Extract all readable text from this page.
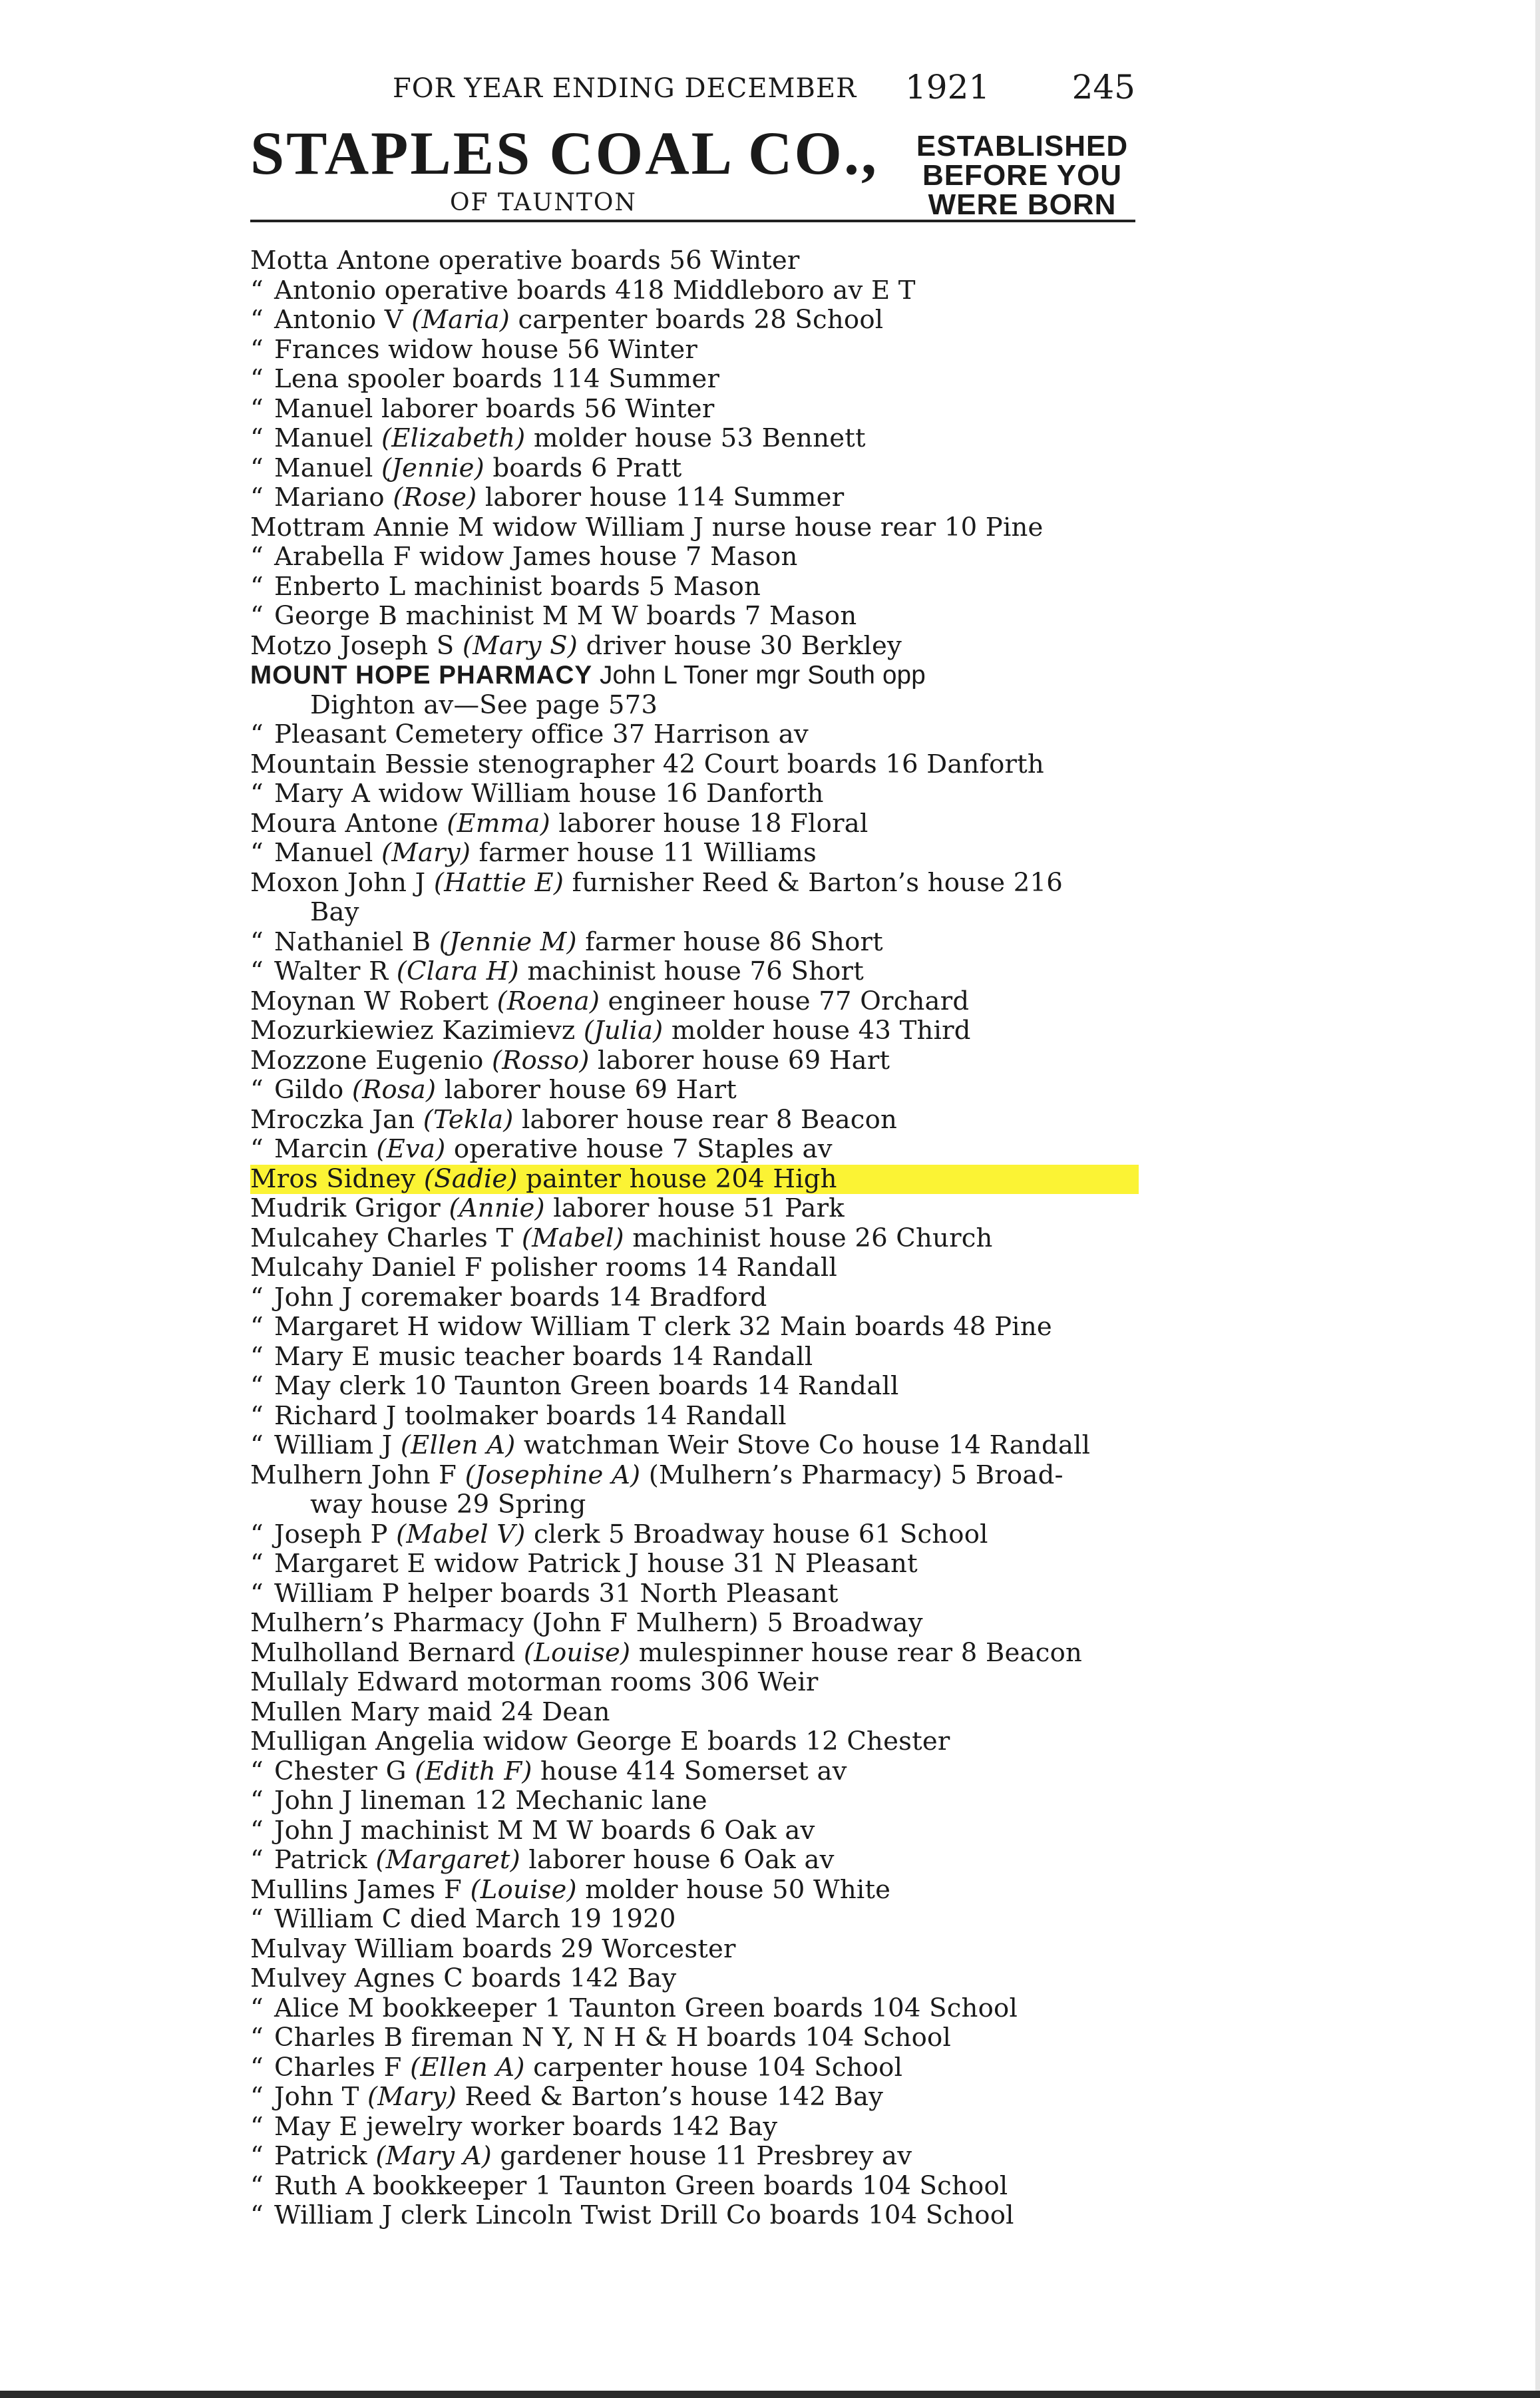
FOR YEAR ENDING DECEMBER 1921 245
STAPLES COAL CO.,
OF TAUNTON
ESTABLISHED
BEFORE YOU
WERE BORN
Motta Antone operative boards 56 Winter
“ Antonio operative boards 418 Middleboro av E T
“ Antonio V (Maria) carpenter boards 28 School
“ Frances widow house 56 Winter
“ Lena spooler boards 114 Summer
“ Manuel laborer boards 56 Winter
“ Manuel (Elizabeth) molder house 53 Bennett
“ Manuel (Jennie) boards 6 Pratt
“ Mariano (Rose) laborer house 114 Summer
Mottram Annie M widow William J nurse house rear 10 Pine
“ Arabella F widow James house 7 Mason
“ Enberto L machinist boards 5 Mason
“ George B machinist M M W boards 7 Mason
Motzo Joseph S (Mary S) driver house 30 Berkley
MOUNT HOPE PHARMACY John L Toner mgr South opp
Dighton av—See page 573
“ Pleasant Cemetery office 37 Harrison av
Mountain Bessie stenographer 42 Court boards 16 Danforth
“ Mary A widow William house 16 Danforth
Moura Antone (Emma) laborer house 18 Floral
“ Manuel (Mary) farmer house 11 Williams
Moxon John J (Hattie E) furnisher Reed & Barton’s house 216
Bay
“ Nathaniel B (Jennie M) farmer house 86 Short
“ Walter R (Clara H) machinist house 76 Short
Moynan W Robert (Roena) engineer house 77 Orchard
Mozurkiewiez Kazimievz (Julia) molder house 43 Third
Mozzone Eugenio (Rosso) laborer house 69 Hart
“ Gildo (Rosa) laborer house 69 Hart
Mroczka Jan (Tekla) laborer house rear 8 Beacon
“ Marcin (Eva) operative house 7 Staples av
Mros Sidney (Sadie) painter house 204 High
Mudrik Grigor (Annie) laborer house 51 Park
Mulcahey Charles T (Mabel) machinist house 26 Church
Mulcahy Daniel F polisher rooms 14 Randall
“ John J coremaker boards 14 Bradford
“ Margaret H widow William T clerk 32 Main boards 48 Pine
“ Mary E music teacher boards 14 Randall
“ May clerk 10 Taunton Green boards 14 Randall
“ Richard J toolmaker boards 14 Randall
“ William J (Ellen A) watchman Weir Stove Co house 14 Randall
Mulhern John F (Josephine A) (Mulhern’s Pharmacy) 5 Broad-
way house 29 Spring
“ Joseph P (Mabel V) clerk 5 Broadway house 61 School
“ Margaret E widow Patrick J house 31 N Pleasant
“ William P helper boards 31 North Pleasant
Mulhern’s Pharmacy (John F Mulhern) 5 Broadway
Mulholland Bernard (Louise) mulespinner house rear 8 Beacon
Mullaly Edward motorman rooms 306 Weir
Mullen Mary maid 24 Dean
Mulligan Angelia widow George E boards 12 Chester
“ Chester G (Edith F) house 414 Somerset av
“ John J lineman 12 Mechanic lane
“ John J machinist M M W boards 6 Oak av
“ Patrick (Margaret) laborer house 6 Oak av
Mullins James F (Louise) molder house 50 White
“ William C died March 19 1920
Mulvay William boards 29 Worcester
Mulvey Agnes C boards 142 Bay
“ Alice M bookkeeper 1 Taunton Green boards 104 School
“ Charles B fireman N Y, N H & H boards 104 School
“ Charles F (Ellen A) carpenter house 104 School
“ John T (Mary) Reed & Barton’s house 142 Bay
“ May E jewelry worker boards 142 Bay
“ Patrick (Mary A) gardener house 11 Presbrey av
“ Ruth A bookkeeper 1 Taunton Green boards 104 School
“ William J clerk Lincoln Twist Drill Co boards 104 School
